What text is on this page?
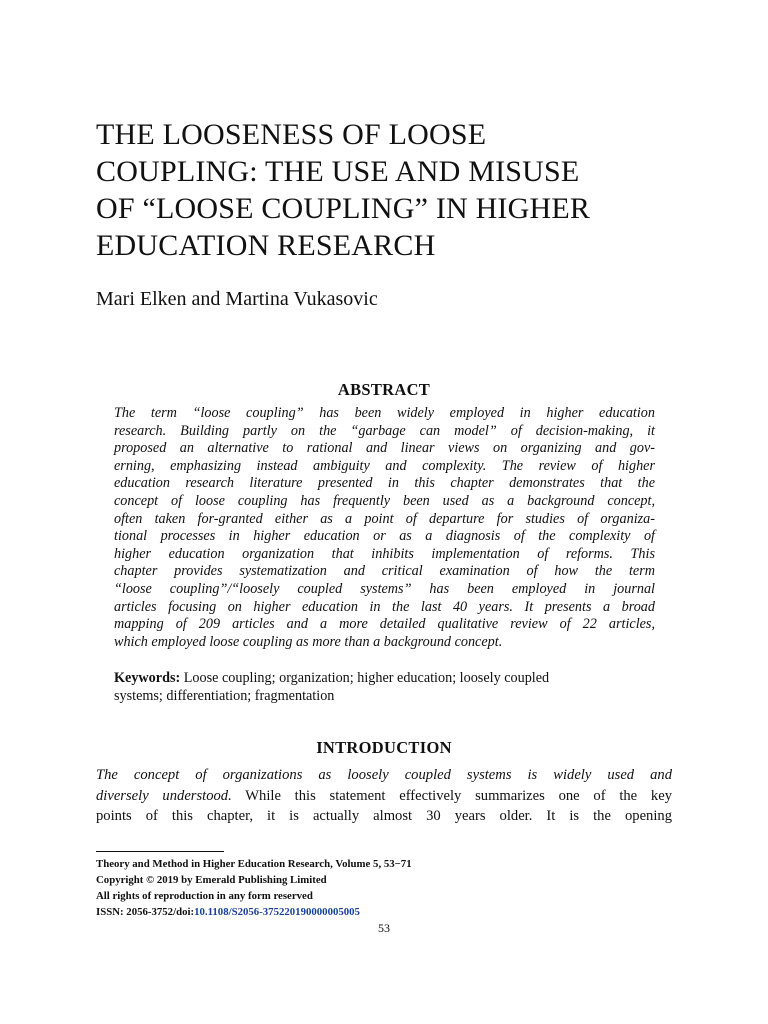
THE LOOSENESS OF LOOSE
COUPLING: THE USE AND MISUSE
OF “LOOSE COUPLING” IN HIGHER
EDUCATION RESEARCH
Mari Elken and Martina Vukasovic
ABSTRACT
The term “loose coupling” has been widely employed in higher education
research. Building partly on the “garbage can model” of decision-making, it
proposed an alternative to rational and linear views on organizing and gov-
erning, emphasizing instead ambiguity and complexity. The review of higher
education research literature presented in this chapter demonstrates that the
concept of loose coupling has frequently been used as a background concept,
often taken for-granted either as a point of departure for studies of organiza-
tional processes in higher education or as a diagnosis of the complexity of
higher education organization that inhibits implementation of reforms. This
chapter provides systematization and critical examination of how the term
“loose coupling”/“loosely coupled systems” has been employed in journal
articles focusing on higher education in the last 40 years. It presents a broad
mapping of 209 articles and a more detailed qualitative review of 22 articles,
which employed loose coupling as more than a background concept.
Keywords: Loose coupling; organization; higher education; loosely coupled
systems; differentiation; fragmentation
INTRODUCTION
The concept of organizations as loosely coupled systems is widely used and
diversely understood. While this statement effectively summarizes one of the key
points of this chapter, it is actually almost 30 years older. It is the opening
Theory and Method in Higher Education Research, Volume 5, 53−71
Copyright © 2019 by Emerald Publishing Limited
All rights of reproduction in any form reserved
ISSN: 2056-3752/doi:10.1108/S2056-375220190000005005
53
